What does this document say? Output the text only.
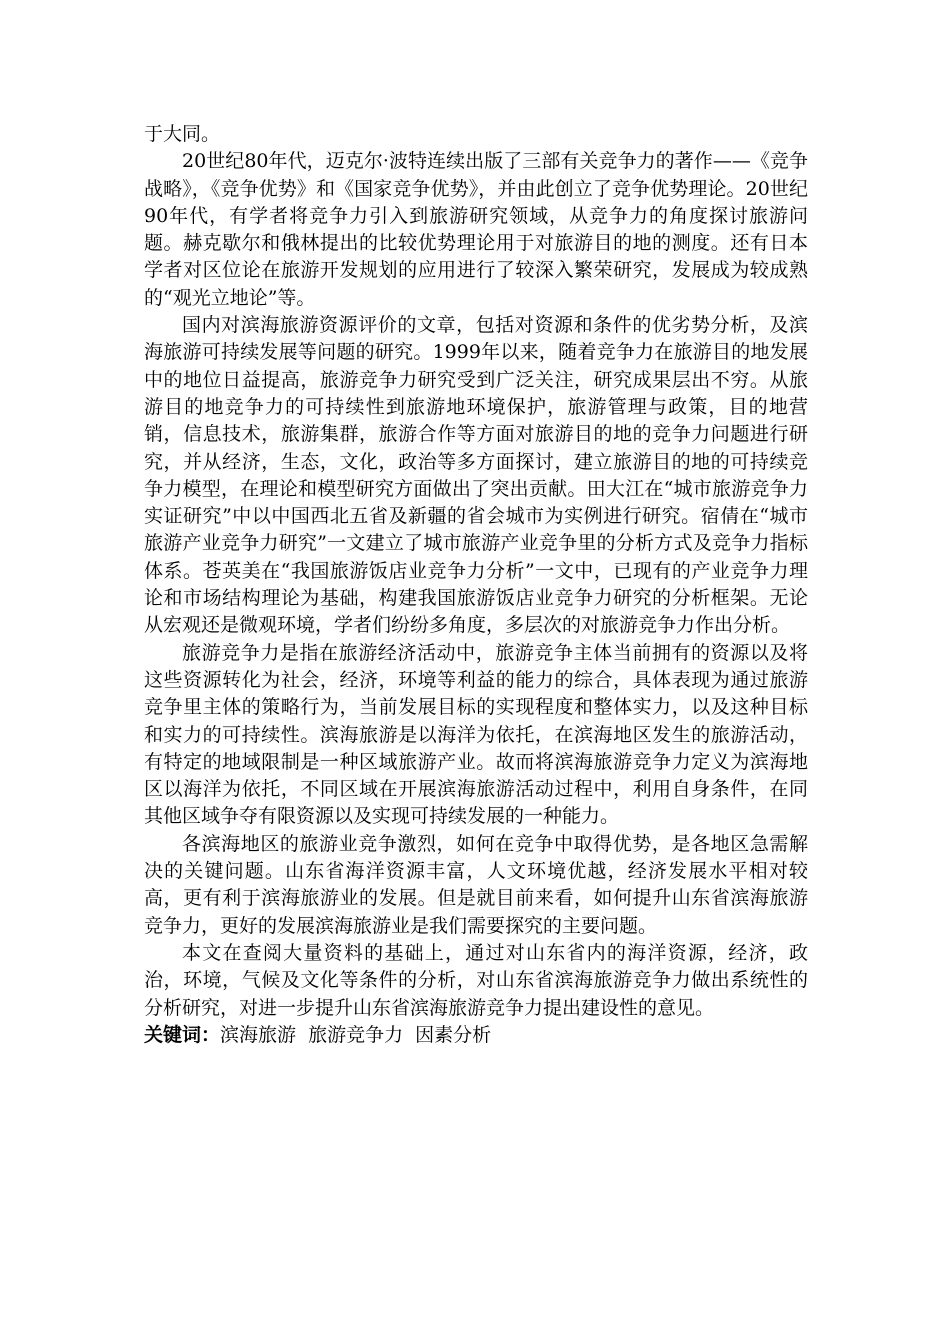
于大同。

20世纪80年代，迈克尔·波特连续出版了三部有关竞争力的著作——《竞争战略》，《竞争优势》和《国家竞争优势》，并由此创立了竞争优势理论。20世纪90年代，有学者将竞争力引入到旅游研究领域，从竞争力的角度探讨旅游问题。赫克歇尔和俄林提出的比较优势理论用于对旅游目的地的测度。还有日本学者对区位论在旅游开发规划的应用进行了较深入繁荣研究，发展成为较成熟的“观光立地论”等。

国内对滨海旅游资源评价的文章，包括对资源和条件的优劣势分析，及滨海旅游可持续发展等问题的研究。1999年以来，随着竞争力在旅游目的地发展中的地位日益提高，旅游竞争力研究受到广泛关注，研究成果层出不穷。从旅游目的地竞争力的可持续性到旅游地环境保护，旅游管理与政策，目的地营销，信息技术，旅游集群，旅游合作等方面对旅游目的地的竞争力问题进行研究，并从经济，生态，文化，政治等多方面探讨，建立旅游目的地的可持续竞争力模型，在理论和模型研究方面做出了突出贡献。田大江在“城市旅游竞争力实证研究”中以中国西北五省及新疆的省会城市为实例进行研究。宿倩在“城市旅游产业竞争力研究”一文建立了城市旅游产业竞争里的分析方式及竞争力指标体系。苍英美在“我国旅游饭店业竞争力分析”一文中，已现有的产业竞争力理论和市场结构理论为基础，构建我国旅游饭店业竞争力研究的分析框架。无论从宏观还是微观环境，学者们纷纷多角度，多层次的对旅游竞争力作出分析。

旅游竞争力是指在旅游经济活动中，旅游竞争主体当前拥有的资源以及将这些资源转化为社会，经济，环境等利益的能力的综合，具体表现为通过旅游竞争里主体的策略行为，当前发展目标的实现程度和整体实力，以及这种目标和实力的可持续性。滨海旅游是以海洋为依托，在滨海地区发生的旅游活动，有特定的地域限制是一种区域旅游产业。故而将滨海旅游竞争力定义为滨海地区以海洋为依托，不同区域在开展滨海旅游活动过程中，利用自身条件，在同其他区域争夺有限资源以及实现可持续发展的一种能力。

各滨海地区的旅游业竞争激烈，如何在竞争中取得优势，是各地区急需解决的关键问题。山东省海洋资源丰富，人文环境优越，经济发展水平相对较高，更有利于滨海旅游业的发展。但是就目前来看，如何提升山东省滨海旅游竞争力，更好的发展滨海旅游业是我们需要探究的主要问题。

本文在查阅大量资料的基础上，通过对山东省内的海洋资源，经济，政治，环境，气候及文化等条件的分析，对山东省滨海旅游竞争力做出系统性的分析研究，对进一步提升山东省滨海旅游竞争力提出建设性的意见。

关键词：滨海旅游  旅游竞争力  因素分析
